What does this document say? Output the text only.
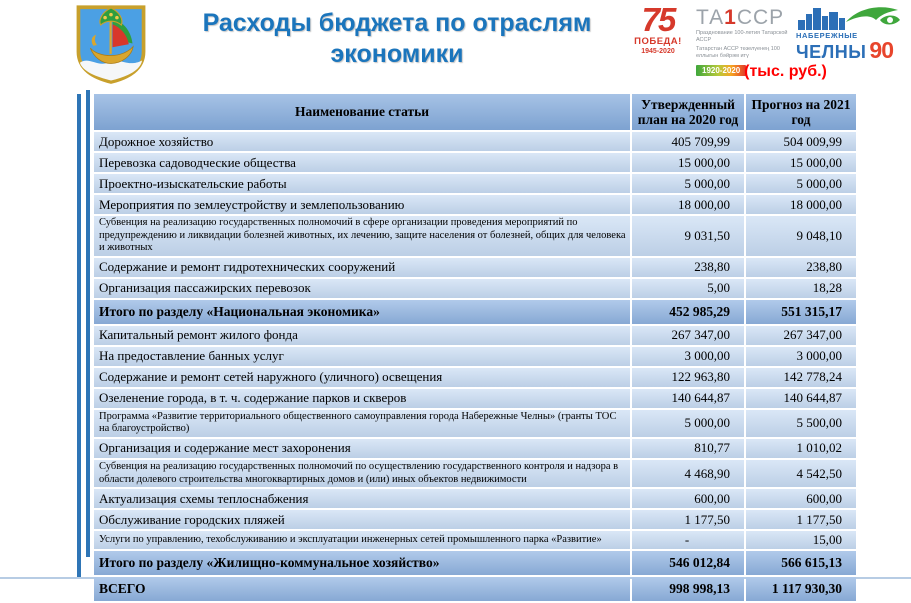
Расходы бюджета по отраслям
экономики
75
ПОБЕДА!
1945-2020
ТА1ССР
Празднование 100-летия Татарской АССР
Татарстан АССР төзелүенең 100 еллыгын бәйрәм итү
1920-2020
НАБЕРЕЖНЫЕ
ЧЕЛНЫ 90
(тыс. руб.)
Наименование статьи	Утвержденный план на 2020 год	Прогноз на 2021 год
Дорожное хозяйство	405 709,99	504 009,99
Перевозка садоводческие общества	15 000,00	15 000,00
Проектно-изыскательские работы	5 000,00	5 000,00
Мероприятия по землеустройству и землепользованию	18 000,00	18 000,00
Субвенция на реализацию государственных полномочий в сфере организации проведения мероприятий по предупреждению и ликвидации болезней животных, их лечению, защите населения от болезней, общих для человека и животных	9 031,50	9 048,10
Содержание и ремонт гидротехнических сооружений	238,80	238,80
Организация пассажирских перевозок	5,00	18,28
Итого по разделу «Национальная экономика»	452 985,29	551 315,17
Капитальный ремонт жилого фонда	267 347,00	267 347,00
На предоставление банных услуг	3 000,00	3 000,00
Содержание и ремонт сетей наружного (уличного) освещения	122 963,80	142 778,24
Озеленение города, в т. ч. содержание парков и скверов	140 644,87	140 644,87
Программа «Развитие территориального общественного самоуправления города Набережные Челны» (гранты ТОС на благоустройство)	5 000,00	5 500,00
Организация и содержание мест захоронения	810,77	1 010,02
Субвенция на реализацию государственных полномочий по осуществлению государственного контроля и надзора в области долевого строительства многоквартирных домов и (или) иных объектов недвижимости	4 468,90	4 542,50
Актуализация схемы теплоснабжения	600,00	600,00
Обслуживание городских пляжей	1 177,50	1 177,50
Услуги по управлению, техобслуживанию и эксплуатации инженерных сетей промышленного парка «Развитие»	-	15,00
Итого по разделу «Жилищно-коммунальное хозяйство»	546 012,84	566 615,13
ВСЕГО	998 998,13	1 117 930,30
